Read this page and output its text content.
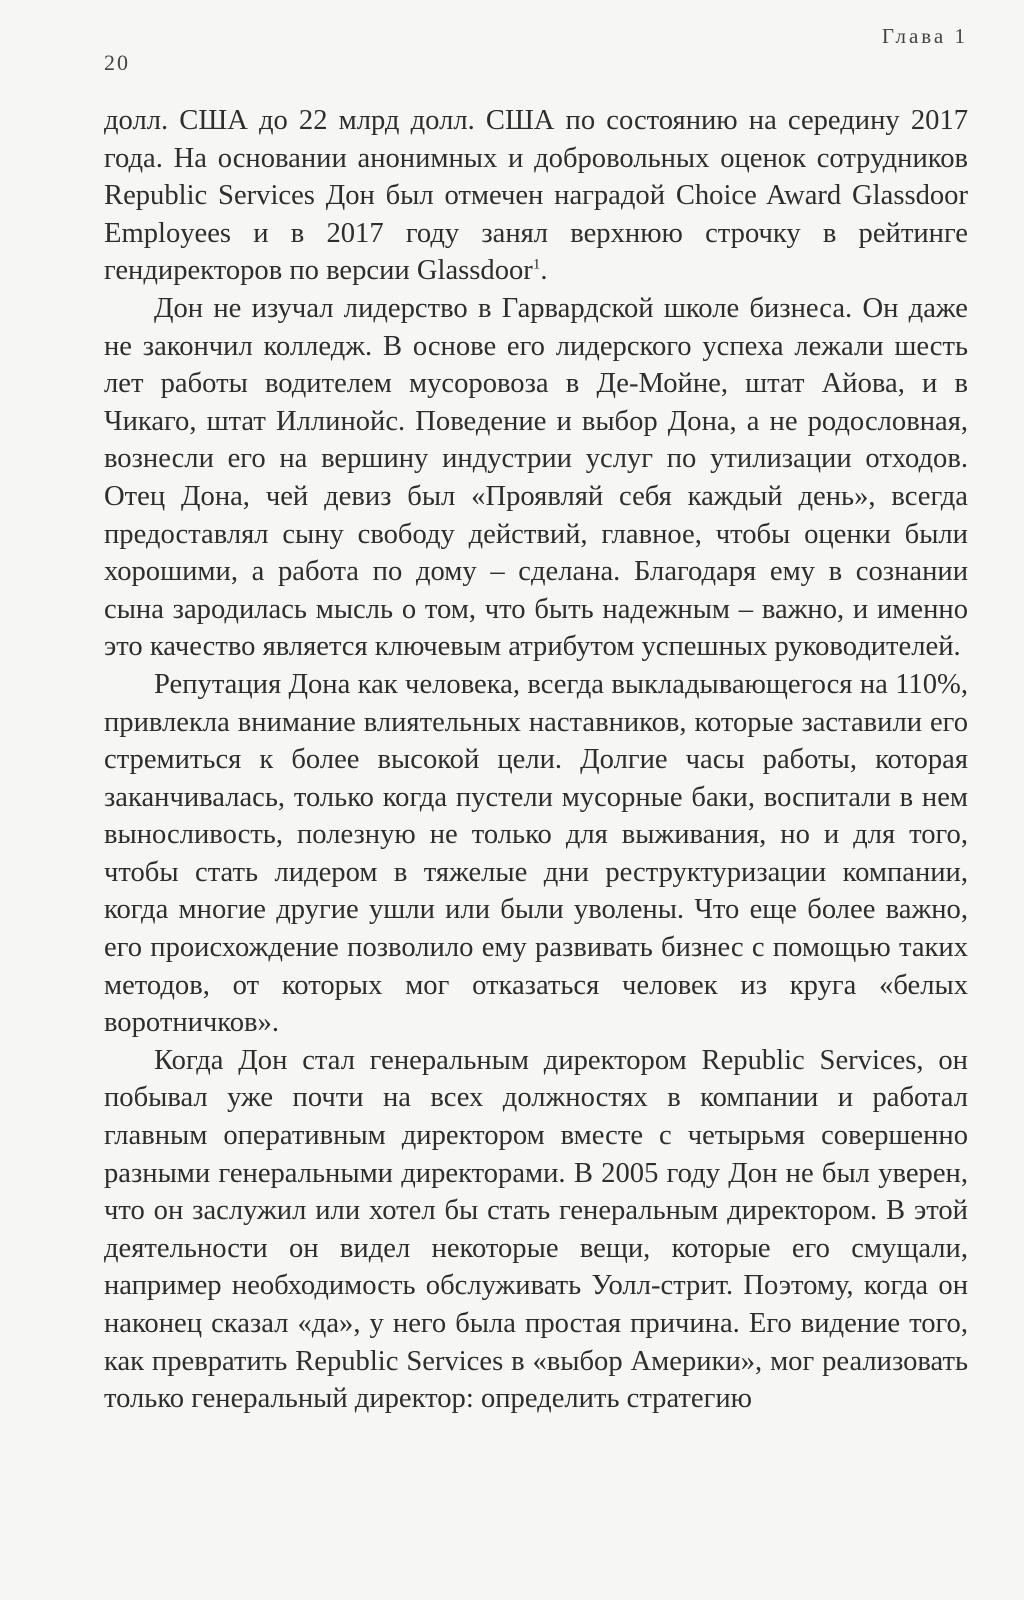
20
Глава 1

долл. США до 22 млрд долл. США по состоянию на середину 2017 года. На основании анонимных и добровольных оценок сотрудников Republic Services Дон был отмечен наградой Choice Award Glassdoor Employees и в 2017 году занял верхнюю строчку в рейтинге гендиректоров по версии Glassdoor$^1$.

Дон не изучал лидерство в Гарвардской школе бизнеса. Он даже не закончил колледж. В основе его лидерского успеха лежали шесть лет работы водителем мусоровоза в Де-Мойне, штат Айова, и в Чикаго, штат Иллинойс. Поведение и выбор Дона, а не родословная, вознесли его на вершину индустрии услуг по утилизации отходов. Отец Дона, чей девиз был «Проявляй себя каждый день», всегда предоставлял сыну свободу действий, главное, чтобы оценки были хорошими, а работа по дому – сделана. Благодаря ему в сознании сына зародилась мысль о том, что быть надежным – важно, и именно это качество является ключевым атрибутом успешных руководителей.

Репутация Дона как человека, всегда выкладывающегося на 110%, привлекла внимание влиятельных наставников, которые заставили его стремиться к более высокой цели. Долгие часы работы, которая заканчивалась, только когда пустели мусорные баки, воспитали в нем выносливость, полезную не только для выживания, но и для того, чтобы стать лидером в тяжелые дни реструктуризации компании, когда многие другие ушли или были уволены. Что еще более важно, его происхождение позволило ему развивать бизнес с помощью таких методов, от которых мог отказаться человек из круга «белых воротничков».

Когда Дон стал генеральным директором Republic Services, он побывал уже почти на всех должностях в компании и работал главным оперативным директором вместе с четырьмя совершенно разными генеральными директорами. В 2005 году Дон не был уверен, что он заслужил или хотел бы стать генеральным директором. В этой деятельности он видел некоторые вещи, которые его смущали, например необходимость обслуживать Уолл-стрит. Поэтому, когда он наконец сказал «да», у него была простая причина. Его видение того, как превратить Republic Services в «выбор Америки», мог реализовать только генеральный директор: определить стратегию
